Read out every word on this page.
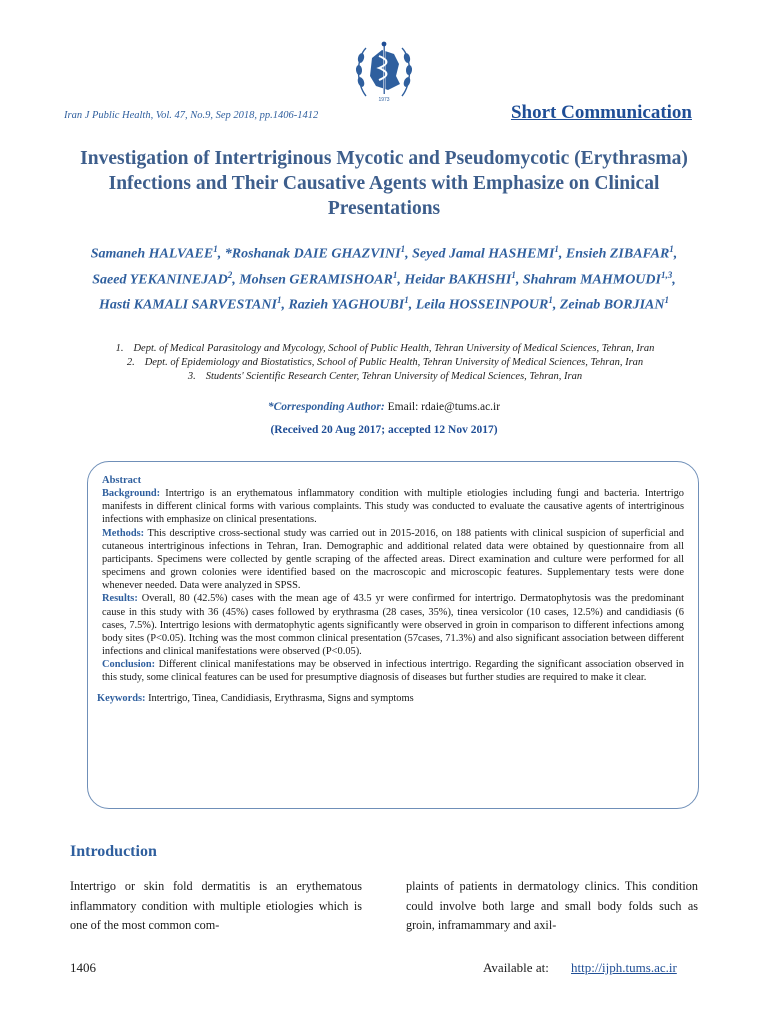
1973
Iran J Public Health, Vol. 47, No.9, Sep 2018, pp.1406-1412	Short Communication
Investigation of Intertriginous Mycotic and Pseudomycotic (Erythrasma) Infections and Their Causative Agents with Emphasize on Clinical Presentations
Samaneh HALVAEE$^1$, *Roshanak DAIE GHAZVINI$^1$, Seyed Jamal HASHEMI$^1$, Ensieh ZIBAFAR$^1$, Saeed YEKANINEJAD$^2$, Mohsen GERAMISHOAR$^1$, Heidar BAKHSHI$^1$, Shahram MAHMOUDI$^{1,3}$, Hasti KAMALI SARVESTANI$^1$, Razieh YAGHOUBI$^1$, Leila HOSSEINPOUR$^1$, Zeinab BORJIAN$^1$
1. Dept. of Medical Parasitology and Mycology, School of Public Health, Tehran University of Medical Sciences, Tehran, Iran
2. Dept. of Epidemiology and Biostatistics, School of Public Health, Tehran University of Medical Sciences, Tehran, Iran
3. Students' Scientific Research Center, Tehran University of Medical Sciences, Tehran, Iran
*Corresponding Author: Email: rdaie@tums.ac.ir
(Received 20 Aug 2017; accepted 12 Nov 2017)
Abstract

Background: Intertrigo is an erythematous inflammatory condition with multiple etiologies including fungi and bacteria. Intertrigo manifests in different clinical forms with various complaints. This study was conducted to evaluate the causative agents of intertriginous infections with emphasize on clinical presentations.

Methods: This descriptive cross-sectional study was carried out in 2015-2016, on 188 patients with clinical suspicion of superficial and cutaneous intertriginous infections in Tehran, Iran. Demographic and additional related data were obtained by questionnaire from all participants. Specimens were collected by gentle scraping of the affected areas. Direct examination and culture were performed for all specimens and grown colonies were identified based on the macroscopic and microscopic features. Supplementary tests were done whenever needed. Data were analyzed in SPSS.

Results: Overall, 80 (42.5%) cases with the mean age of 43.5 yr were confirmed for intertrigo. Dermatophytosis was the predominant cause in this study with 36 (45%) cases followed by erythrasma (28 cases, 35%), tinea versicolor (10 cases, 12.5%) and candidiasis (6 cases, 7.5%). Intertrigo lesions with dermatophytic agents significantly were observed in groin in comparison to different infections among body sites (P<0.05). Itching was the most common clinical presentation (57cases, 71.3%) and also significant association between different infections and clinical manifestations were observed (P<0.05).

Conclusion: Different clinical manifestations may be observed in infectious intertrigo. Regarding the significant association observed in this study, some clinical features can be used for presumptive diagnosis of diseases but further studies are required to make it clear.

Keywords: Intertrigo, Tinea, Candidiasis, Erythrasma, Signs and symptoms

Introduction
Intertrigo or skin fold dermatitis is an erythematous inflammatory condition with multiple etiologies which is one of the most common com-
plaints of patients in dermatology clinics. This condition could involve both large and small body folds such as groin, inframammary and axil-
1406	Available at: http://ijph.tums.ac.ir
